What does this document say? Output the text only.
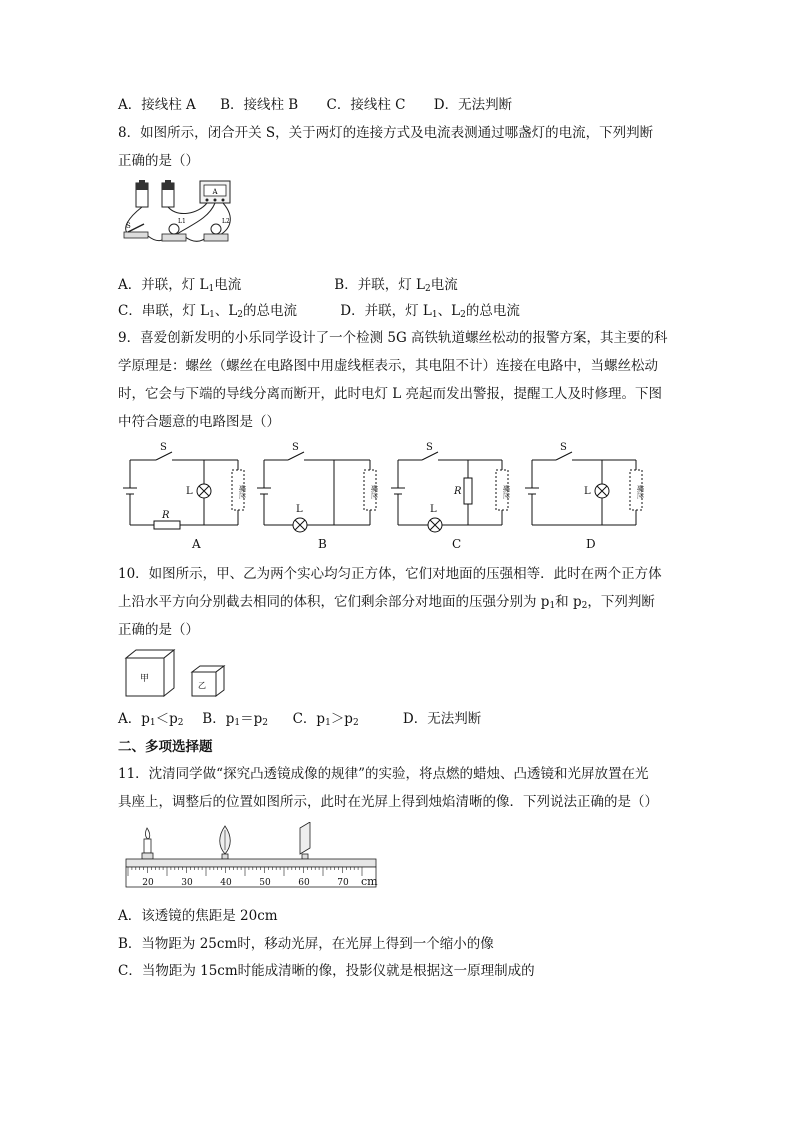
A．接线柱 A B．接线柱 B C．接线柱 C D．无法判断
8．如图所示，闭合开关 S，关于两灯的连接方式及电流表测通过哪盏灯的电流，下列判断
正确的是（）
A
S
L1	L2
A．并联，灯 $L_1$电流	B．并联，灯 $L_2$电流
C．串联，灯 $L_1$、$L_2$的总电流	D．并联，灯 $L_1$、$L_2$的总电流
9．喜爱创新发明的小乐同学设计了一个检测 5G 高铁轨道螺丝松动的报警方案，其主要的科
学原理是：螺丝（螺丝在电路图中用虚线框表示，其电阻不计）连接在电路中，当螺丝松动
时，它会与下端的导线分离而断开，此时电灯 L 亮起而发出警报，提醒工人及时修理。下图
中符合题意的电路图是（）
S	S	S	S
L
L	L
L
R
R
螺丝	螺丝	螺丝	螺丝
A	B	C	D
10．如图所示，甲、乙为两个实心均匀正方体，它们对地面的压强相等．此时在两个正方体
上沿水平方向分别截去相同的体积，它们剩余部分对地面的压强分别为 $p_1$和 $p_2$，下列判断
正确的是（）
甲
乙
A．$p_1<p_2$ B．$p_1=p_2$ C．$p_1>p_2$	D．无法判断
二、多项选择题
11．沈清同学做“探究凸透镜成像的规律”的实验，将点燃的蜡烛、凸透镜和光屏放置在光
具座上，调整后的位置如图所示，此时在光屏上得到烛焰清晰的像．下列说法正确的是（）
20	30	40	50	60	70 cm
A．该透镜的焦距是 20cm
B．当物距为 25cm时，移动光屏，在光屏上得到一个缩小的像
C．当物距为 15cm时能成清晰的像，投影仪就是根据这一原理制成的
